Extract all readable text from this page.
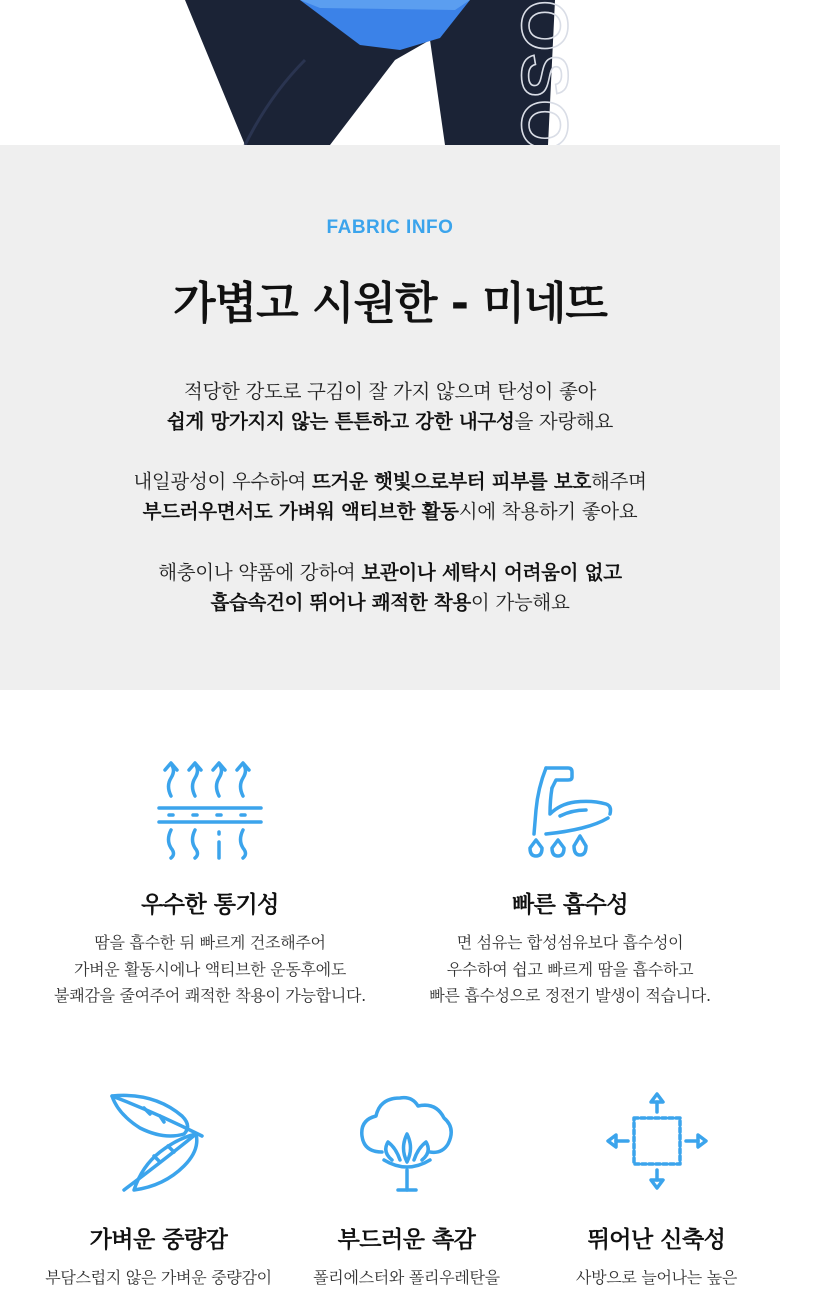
FABRIC INFO
가볍고 시원한 - 미네뜨
적당한 강도로 구김이 잘 가지 않으며 탄성이 좋아
쉽게 망가지지 않는 튼튼하고 강한 내구성을 자랑해요
내일광성이 우수하여 뜨거운 햇빛으로부터 피부를 보호해주며
부드러우면서도 가벼워 액티브한 활동시에 착용하기 좋아요
해충이나 약품에 강하여 보관이나 세탁시 어려움이 없고
흡습속건이 뛰어나 쾌적한 착용이 가능해요
우수한 통기성
땀을 흡수한 뒤 빠르게 건조해주어
가벼운 활동시에나 액티브한 운동후에도
불쾌감을 줄여주어 쾌적한 착용이 가능합니다.
빠른 흡수성
면 섬유는 합성섬유보다 흡수성이
우수하여 쉽고 빠르게 땀을 흡수하고
빠른 흡수성으로 정전기 발생이 적습니다.
가벼운 중량감
부담스럽지 않은 가벼운 중량감이
부드러운 촉감
폴리에스터와 폴리우레탄을
뛰어난 신축성
사방으로 늘어나는 높은
